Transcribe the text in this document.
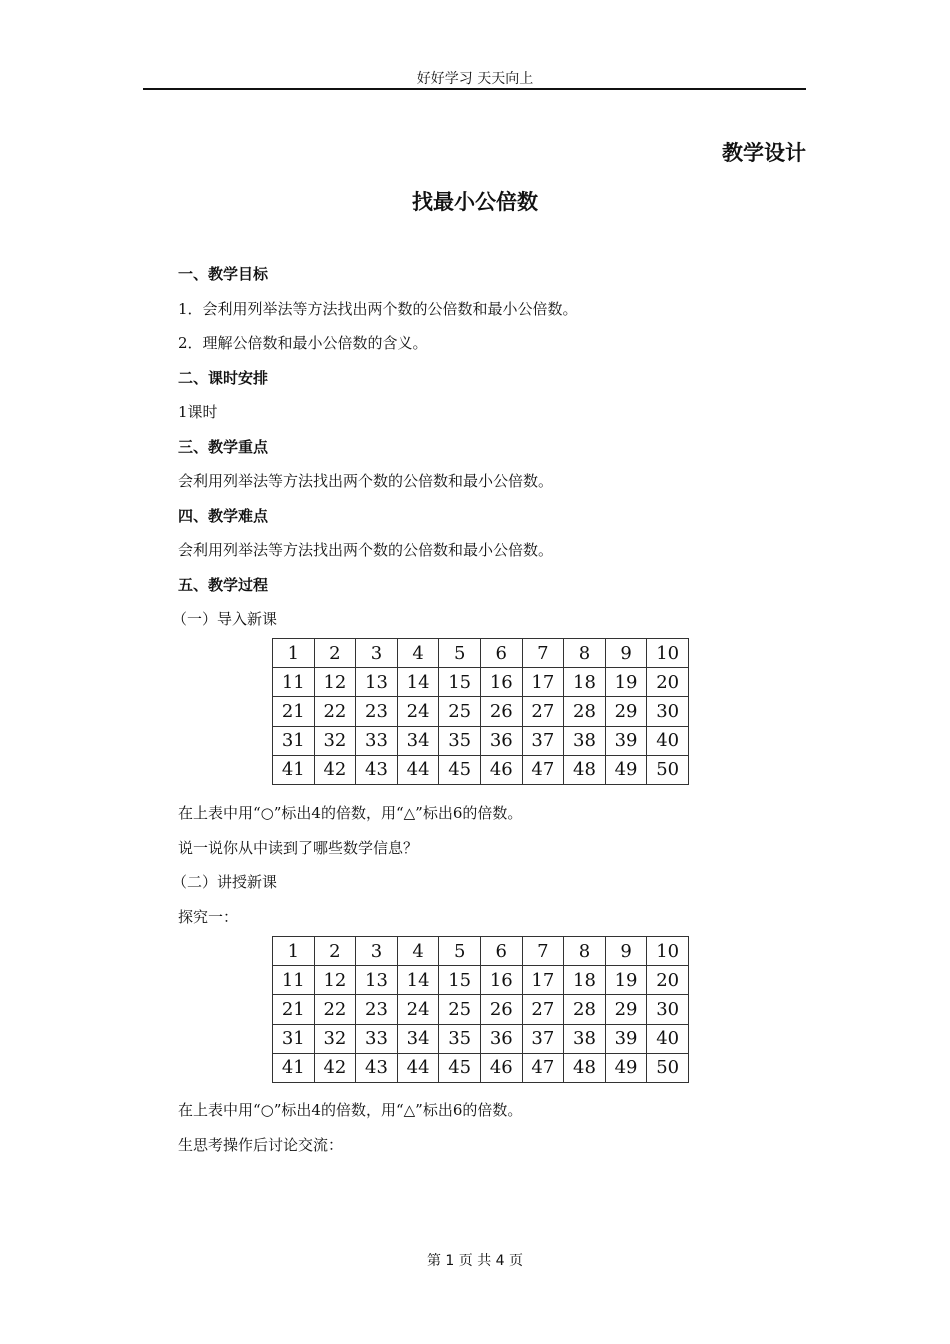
好好学习 天天向上
教学设计
找最小公倍数
一、教学目标
1．会利用列举法等方法找出两个数的公倍数和最小公倍数。
2．理解公倍数和最小公倍数的含义。
二、课时安排
1课时
三、教学重点
会利用列举法等方法找出两个数的公倍数和最小公倍数。
四、教学难点
会利用列举法等方法找出两个数的公倍数和最小公倍数。
五、教学过程
（一）导入新课
1	2	3	4	5	6	7	8	9	10
11	12	13	14	15	16	17	18	19	20
21	22	23	24	25	26	27	28	29	30
31	32	33	34	35	36	37	38	39	40
41	42	43	44	45	46	47	48	49	50
在上表中用“○”标出4的倍数，用“△”标出6的倍数。
说一说你从中读到了哪些数学信息？
（二）讲授新课
探究一：
1	2	3	4	5	6	7	8	9	10
11	12	13	14	15	16	17	18	19	20
21	22	23	24	25	26	27	28	29	30
31	32	33	34	35	36	37	38	39	40
41	42	43	44	45	46	47	48	49	50
在上表中用“○”标出4的倍数，用“△”标出6的倍数。
生思考操作后讨论交流：
第 1 页 共 4 页
